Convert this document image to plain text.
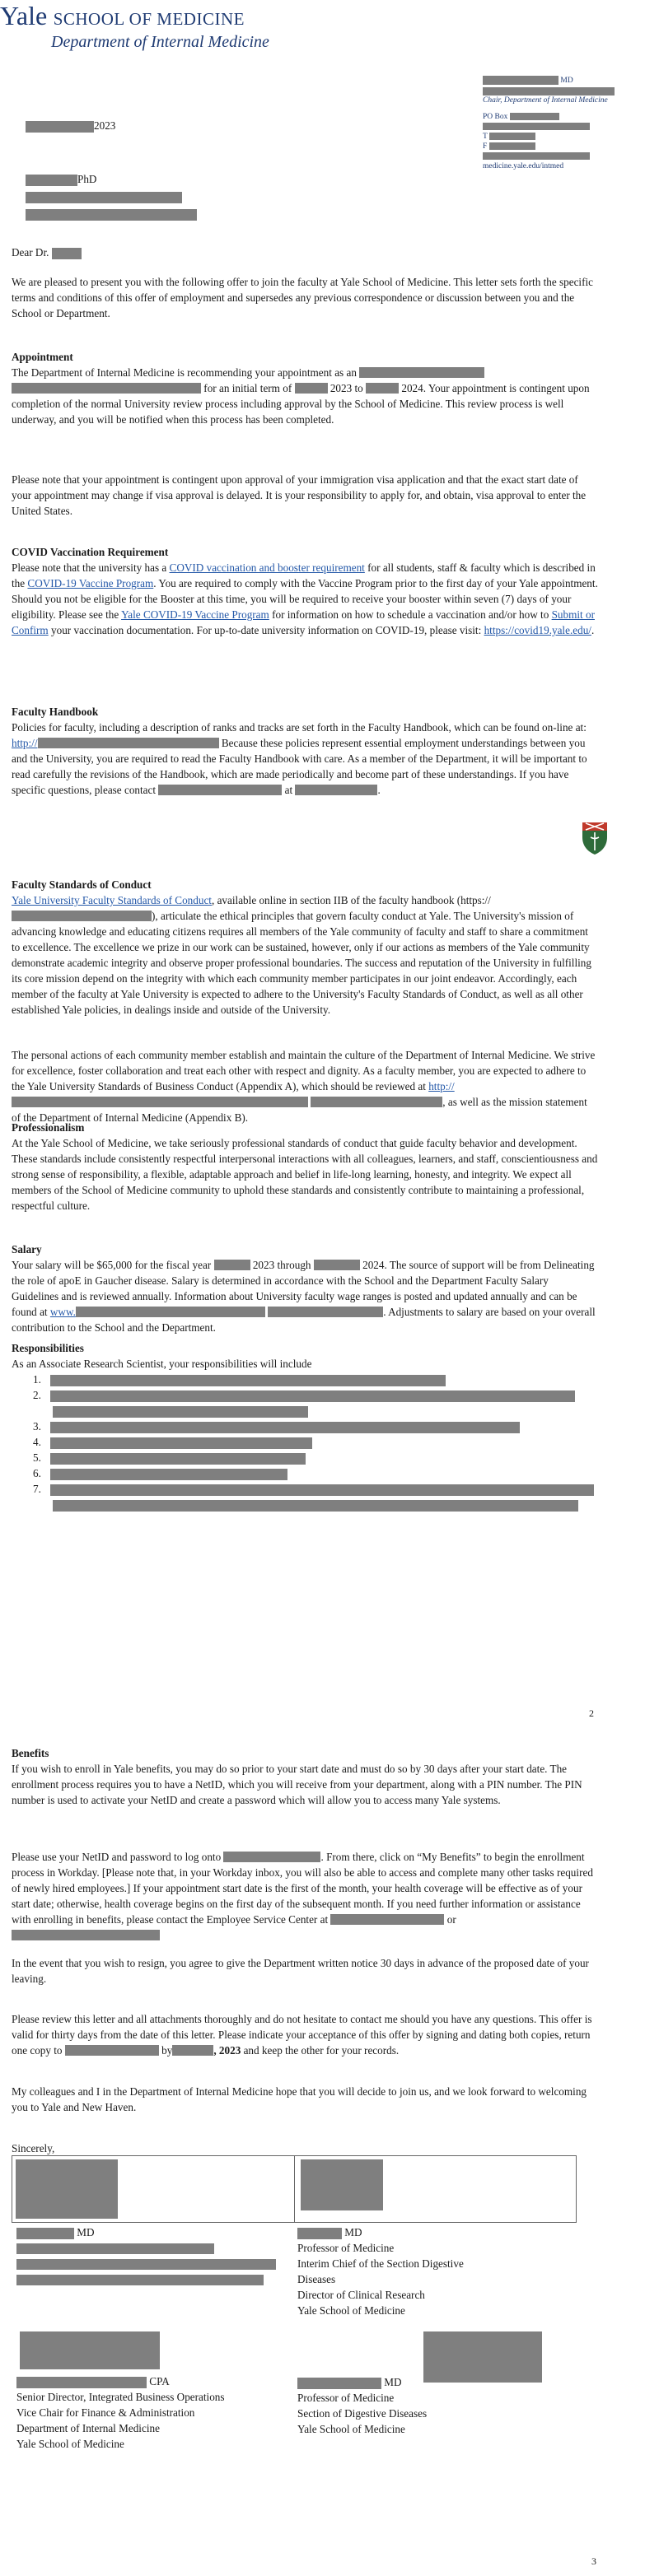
Yale SCHOOL OF MEDICINE
Department of Internal Medicine
MD
Chair, Department of Internal Medicine
PO Box
T
F
medicine.yale.edu/intmed
2023
PhD
Dear Dr.

We are pleased to present you with the following offer to join the faculty at Yale School of Medicine. This letter sets forth the specific terms and conditions of this offer of employment and supersedes any previous correspondence or discussion between you and the School or Department.

Appointment

The Department of Internal Medicine is recommending your appointment as an   for an initial term of	2023 to	2024. Your appointment is contingent upon completion of the normal University review process including approval by the School of Medicine. This review process is well underway, and you will be notified when this process has been completed.

Please note that your appointment is contingent upon approval of your immigration visa application and that the exact start date of your appointment may change if visa approval is delayed. It is your responsibility to apply for, and obtain, visa approval to enter the United States.

COVID Vaccination Requirement

Please note that the university has a COVID vaccination and booster requirement for all students, staff & faculty which is described in the COVID-19 Vaccine Program. You are required to comply with the Vaccine Program prior to the first day of your Yale appointment. Should you not be eligible for the Booster at this time, you will be required to receive your booster within seven (7) days of your eligibility. Please see the Yale COVID-19 Vaccine Program for information on how to schedule a vaccination and/or how to Submit or Confirm your vaccination documentation. For up-to-date university information on COVID-19, please visit: https://covid19.yale.edu/.

Faculty Handbook

Policies for faculty, including a description of ranks and tracks are set forth in the Faculty Handbook, which can be found on-line at: http://	Because these policies represent essential employment understandings between you and the University, you are required to read the Faculty Handbook with care. As a member of the Department, it will be important to read carefully the revisions of the Handbook, which are made periodically and become part of these understandings. If you have specific questions, please contact	at	.

Faculty Standards of Conduct

Yale University Faculty Standards of Conduct, available online in section IIB of the faculty handbook (https://), articulate the ethical principles that govern faculty conduct at Yale. The University's mission of advancing knowledge and educating citizens requires all members of the Yale community of faculty and staff to share a commitment to excellence. The excellence we prize in our work can be sustained, however, only if our actions as members of the Yale community demonstrate academic integrity and observe proper professional boundaries. The success and reputation of the University in fulfilling its core mission depend on the integrity with which each community member participates in our joint endeavor. Accordingly, each member of the faculty at Yale University is expected to adhere to the University's Faculty Standards of Conduct, as well as all other established Yale policies, in dealings inside and outside of the University.

The personal actions of each community member establish and maintain the culture of the Department of Internal Medicine. We strive for excellence, foster collaboration and treat each other with respect and dignity. As a faculty member, you are expected to adhere to the Yale University Standards of Business Conduct (Appendix A), which should be reviewed at http:// , as well as the mission statement of the Department of Internal Medicine (Appendix B).

Professionalism

At the Yale School of Medicine, we take seriously professional standards of conduct that guide faculty behavior and development. These standards include consistently respectful interpersonal interactions with all colleagues, learners, and staff, conscientiousness and strong sense of responsibility, a flexible, adaptable approach and belief in life-long learning, honesty, and integrity. We expect all members of the School of Medicine community to uphold these standards and consistently contribute to maintaining a professional, respectful culture.

Salary

Your salary will be $65,000 for the fiscal year	2023 through	2024. The source of support will be from Delineating the role of apoE in Gaucher disease. Salary is determined in accordance with the School and the Department Faculty Salary Guidelines and is reviewed annually. Information about University faculty wage ranges is posted and updated annually and can be found at www.	. Adjustments to salary are based on your overall contribution to the School and the Department.

Responsibilities
As an Associate Research Scientist, your responsibilities will include
1.
2.
3.
4.
5.
6.
7.
2
Benefits

If you wish to enroll in Yale benefits, you may do so prior to your start date and must do so by 30 days after your start date. The enrollment process requires you to have a NetID, which you will receive from your department, along with a PIN number. The PIN number is used to activate your NetID and create a password which will allow you to access many Yale systems.

Please use your NetID and password to log onto	. From there, click on “My Benefits” to begin the enrollment process in Workday. [Please note that, in your Workday inbox, you will also be able to access and complete many other tasks required of newly hired employees.] If your appointment start date is the first of the month, your health coverage will be effective as of your start date; otherwise, health coverage begins on the first day of the subsequent month. If you need further information or assistance with enrolling in benefits, please contact the Employee Service Center at	or

In the event that you wish to resign, you agree to give the Department written notice 30 days in advance of the proposed date of your leaving.

Please review this letter and all attachments thoroughly and do not hesitate to contact me should you have any questions. This offer is valid for thirty days from the date of this letter. Please indicate your acceptance of this offer by signing and dating both copies, return one copy to	by	, 2023 and keep the other for your records.

My colleagues and I in the Department of Internal Medicine hope that you will decide to join us, and we look forward to welcoming you to Yale and New Haven.

Sincerely,
MD	MD
Professor of Medicine
Interim Chief of the Section Digestive
Diseases
Director of Clinical Research
Yale School of Medicine
CPA
Senior Director, Integrated Business Operations
Vice Chair for Finance & Administration
Department of Internal Medicine
Yale School of Medicine
MD
Professor of Medicine
Section of Digestive Diseases
Yale School of Medicine
3
